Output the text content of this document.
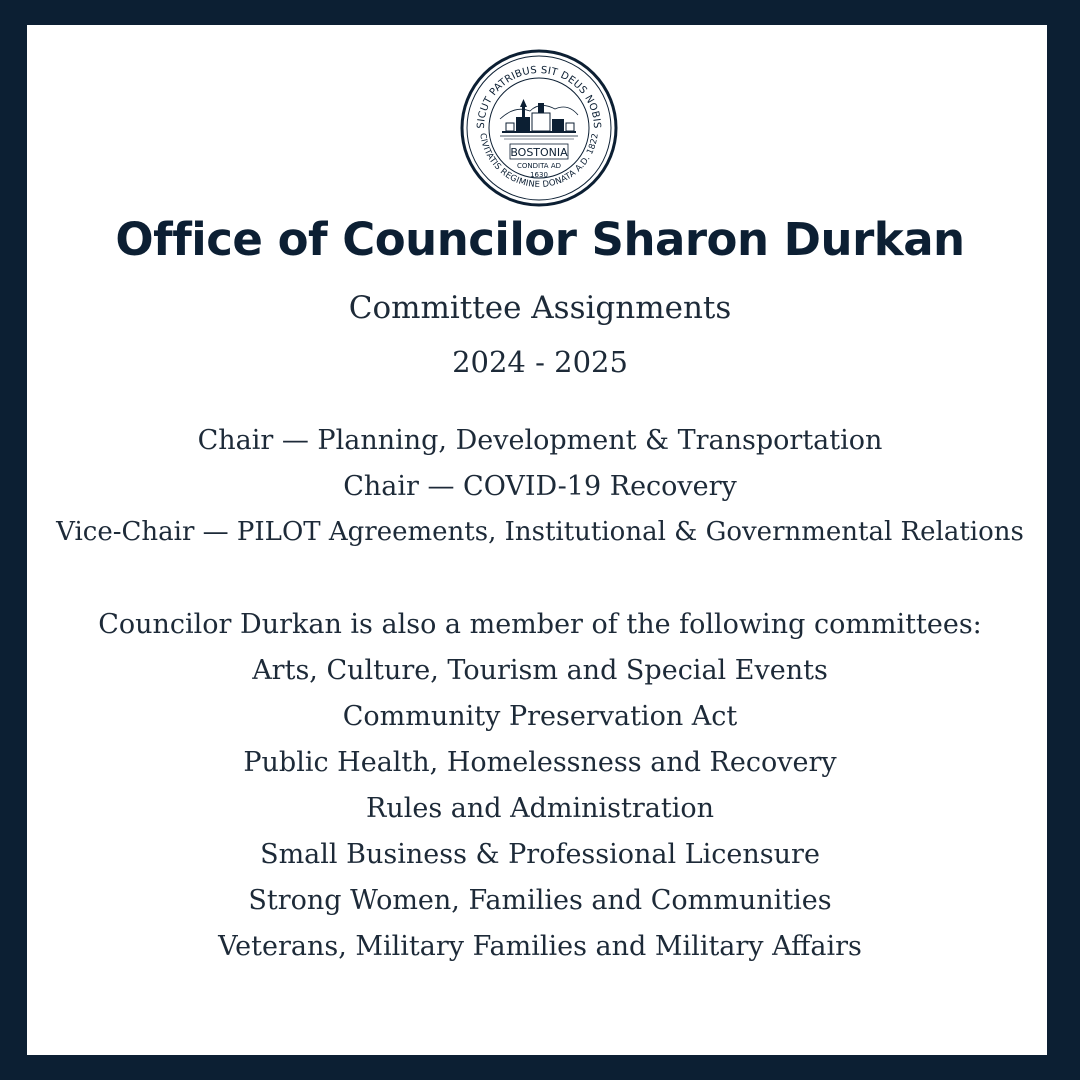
SICUT PATRIBUS SIT DEUS NOBIS
CIVITATIS REGIMINE DONATA A.D. 1822
BOSTONIA
CONDITA AD
1630
Office of Councilor Sharon Durkan
Committee Assignments
2024 - 2025
Chair — Planning, Development & Transportation
Chair — COVID-19 Recovery
Vice-Chair — PILOT Agreements, Institutional & Governmental Relations
Councilor Durkan is also a member of the following committees:
Arts, Culture, Tourism and Special Events
Community Preservation Act
Public Health, Homelessness and Recovery
Rules and Administration
Small Business & Professional Licensure
Strong Women, Families and Communities
Veterans, Military Families and Military Affairs
